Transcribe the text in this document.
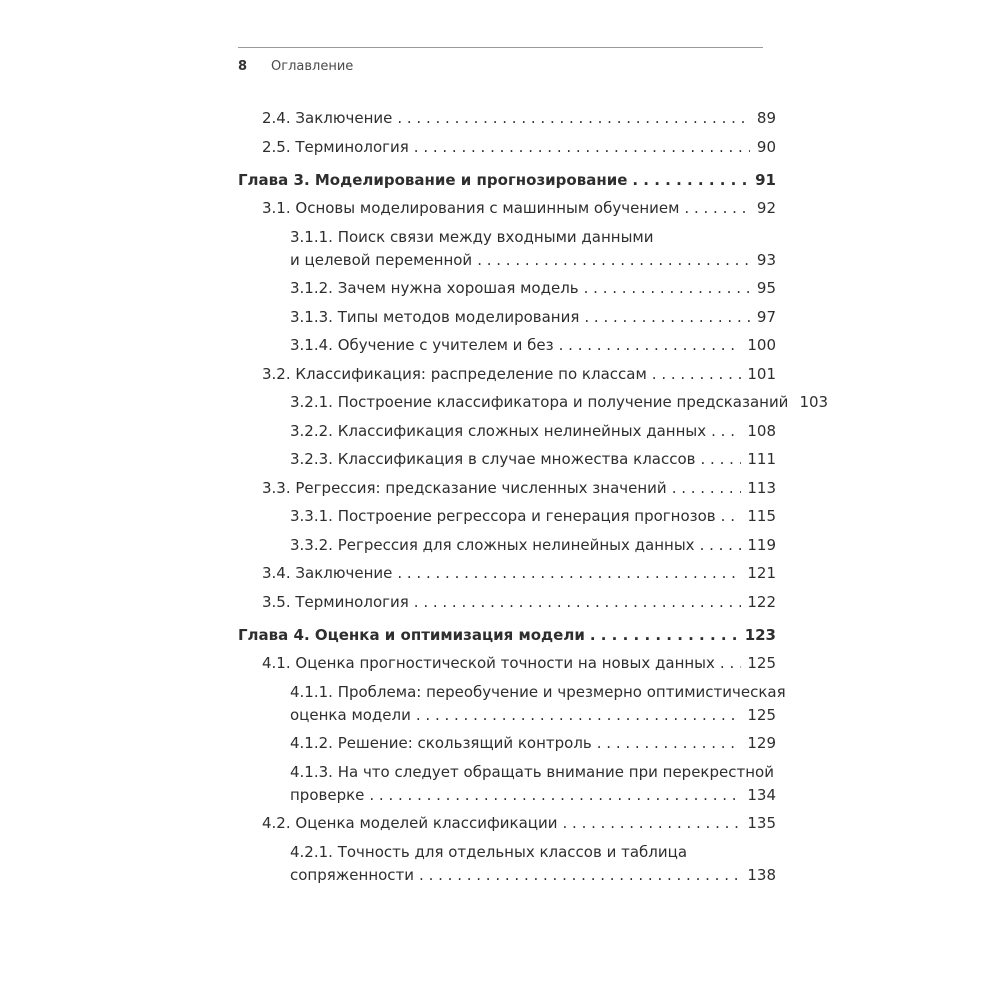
8 Оглавление
2.4. Заключение . . .	89
2.5. Терминология . . .	90
Глава 3. Моделирование и прогнозирование . . .	91
3.1. Основы моделирования с машинным обучением . . .	92
3.1.1. Поиск связи между входными данными
и целевой переменной . . .	93
3.1.2. Зачем нужна хорошая модель . . .	95
3.1.3. Типы методов моделирования . . .	97
3.1.4. Обучение с учителем и без . . .	100
3.2. Классификация: распределение по классам . . .	101
3.2.1. Построение классификатора и получение предсказаний 103
3.2.2. Классификация сложных нелинейных данных . . .	108
3.2.3. Классификация в случае множества классов . . .	111
3.3. Регрессия: предсказание численных значений . . .	113
3.3.1. Построение регрессора и генерация прогнозов . . .	115
3.3.2. Регрессия для сложных нелинейных данных . . .	119
3.4. Заключение . . .	121
3.5. Терминология . . .	122
Глава 4. Оценка и оптимизация модели . . .	123
4.1. Оценка прогностической точности на новых данных . . .	125
4.1.1. Проблема: переобучение и чрезмерно оптимистическая
оценка модели . . .	125
4.1.2. Решение: скользящий контроль . . .	129
4.1.3. На что следует обращать внимание при перекрестной
проверке . . .	134
4.2. Оценка моделей классификации . . .	135
4.2.1. Точность для отдельных классов и таблица
сопряженности . . .	138
